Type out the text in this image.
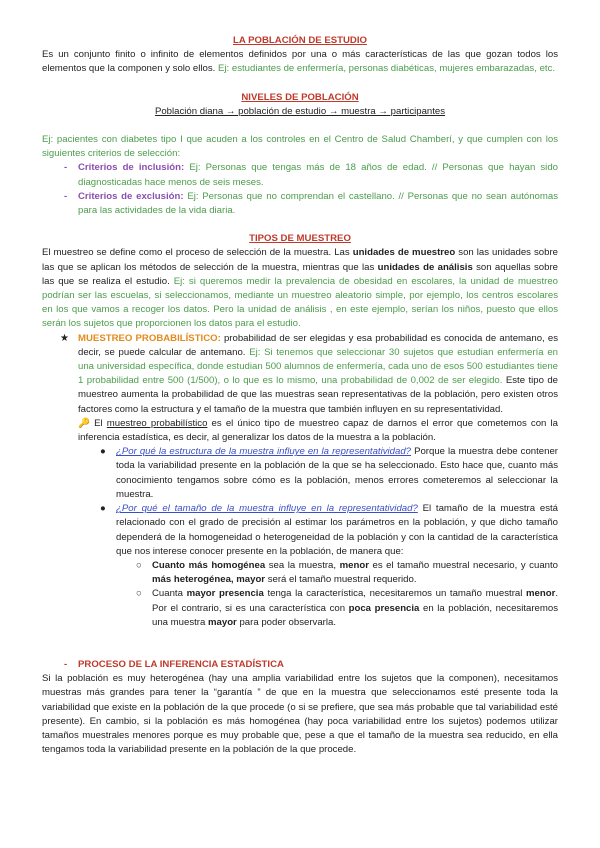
LA POBLACIÓN DE ESTUDIO

Es un conjunto finito o infinito de elementos definidos por una o más características de las que gozan todos los elementos que la componen y solo ellos. Ej: estudiantes de enfermería, personas diabéticas, mujeres embarazadas, etc.

NIVELES DE POBLACIÓN

Población diana → población de estudio → muestra → participantes

Ej: pacientes con diabetes tipo I que acuden a los controles en el Centro de Salud Chamberí, y que cumplen con los siguientes criterios de selección:

- Criterios de inclusión: Ej: Personas que tengas más de 18 años de edad. // Personas que hayan sido diagnosticadas hace menos de seis meses.
- Criterios de exclusión: Ej: Personas que no comprendan el castellano. // Personas que no sean autónomas para las actividades de la vida diaria.

TIPOS DE MUESTREO

El muestreo se define como el proceso de selección de la muestra. Las unidades de muestreo son las unidades sobre las que se aplican los métodos de selección de la muestra, mientras que las unidades de análisis son aquellas sobre las que se realiza el estudio. Ej: si queremos medir la prevalencia de obesidad en escolares, la unidad de muestreo podrían ser las escuelas, si seleccionamos, mediante un muestreo aleatorio simple, por ejemplo, los centros escolares en los que vamos a recoger los datos. Pero la unidad de análisis , en este ejemplo, serían los niños, puesto que ellos serán los sujetos que proporcionen los datos para el estudio.

★ MUESTREO PROBABILÍSTICO: probabilidad de ser elegidas y esa probabilidad es conocida de antemano, es decir, se puede calcular de antemano. Ej: Si tenemos que seleccionar 30 sujetos que estudian enfermería en una universidad específica, donde estudian 500 alumnos de enfermería, cada uno de esos 500 estudiantes tiene 1 probabilidad entre 500 (1/500), o lo que es lo mismo, una probabilidad de 0,002 de ser elegido. Este tipo de muestreo aumenta la probabilidad de que las muestras sean representativas de la población, pero existen otros factores como la estructura y el tamaño de la muestra que también influyen en su representatividad.
🔑 El muestreo probabilístico es el único tipo de muestreo capaz de darnos el error que cometemos con la inferencia estadística, es decir, al generalizar los datos de la muestra a la población.
● ¿Por qué la estructura de la muestra influye en la representatividad? Porque la muestra debe contener toda la variabilidad presente en la población de la que se ha seleccionado. Esto hace que, cuanto más conocimiento tengamos sobre cómo es la población, menos errores cometeremos al seleccionar la muestra.
● ¿Por qué el tamaño de la muestra influye en la representatividad? El tamaño de la muestra está relacionado con el grado de precisión al estimar los parámetros en la población, y que dicho tamaño dependerá de la homogeneidad o heterogeneidad de la población y con la cantidad de la característica que nos interese conocer presente en la población, de manera que:
○ Cuanto más homogénea sea la muestra, menor es el tamaño muestral necesario, y cuanto más heterogénea, mayor será el tamaño muestral requerido.
○ Cuanta mayor presencia tenga la característica, necesitaremos un tamaño muestral menor. Por el contrario, si es una característica con poca presencia en la población, necesitaremos una muestra mayor para poder observarla.
- PROCESO DE LA INFERENCIA ESTADÍSTICA

Si la población es muy heterogénea (hay una amplia variabilidad entre los sujetos que la componen), necesitamos muestras más grandes para tener la “garantía ” de que en la muestra que seleccionamos esté presente toda la variabilidad que existe en la población de la que procede (o si se prefiere, que sea más probable que tal variabilidad esté presente). En cambio, si la población es más homogénea (hay poca variabilidad entre los sujetos) podemos utilizar tamaños muestrales menores porque es muy probable que, pese a que el tamaño de la muestra sea reducido, en ella tengamos toda la variabilidad presente en la población de la que procede.
